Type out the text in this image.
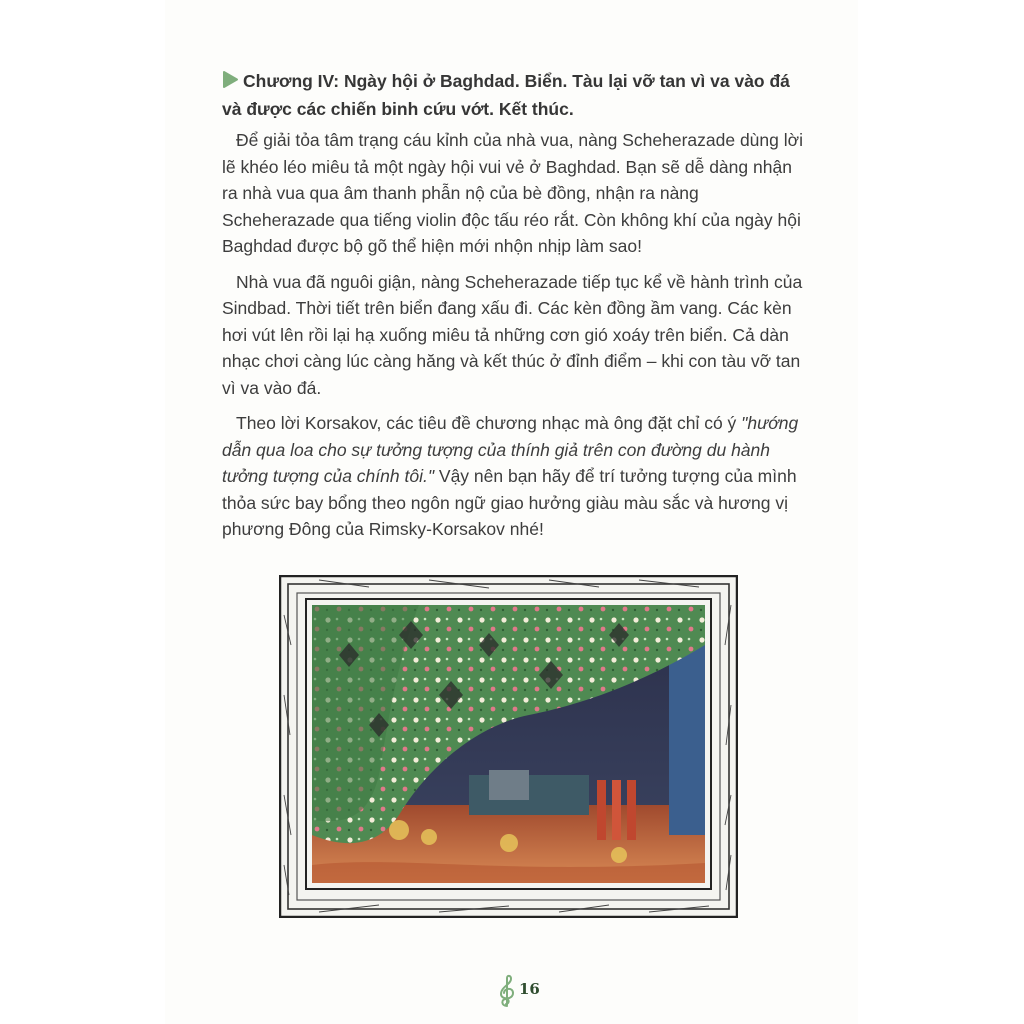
Chương IV: Ngày hội ở Baghdad. Biển. Tàu lại vỡ tan vì va vào đá
và được các chiến binh cứu vớt. Kết thúc.

Để giải tỏa tâm trạng cáu kỉnh của nhà vua, nàng Scheherazade dùng lời lẽ khéo léo miêu tả một ngày hội vui vẻ ở Baghdad. Bạn sẽ dễ dàng nhận ra nhà vua qua âm thanh phẫn nộ của bè đồng, nhận ra nàng Scheherazade qua tiếng violin độc tấu réo rắt. Còn không khí của ngày hội Baghdad được bộ gõ thể hiện mới nhộn nhịp làm sao!

Nhà vua đã nguôi giận, nàng Scheherazade tiếp tục kể về hành trình của Sindbad. Thời tiết trên biển đang xấu đi. Các kèn đồng ầm vang. Các kèn hơi vút lên rồi lại hạ xuống miêu tả những cơn gió xoáy trên biển. Cả dàn nhạc chơi càng lúc càng hăng và kết thúc ở đỉnh điểm – khi con tàu vỡ tan vì va vào đá.

Theo lời Korsakov, các tiêu đề chương nhạc mà ông đặt chỉ có ý "hướng dẫn qua loa cho sự tưởng tượng của thính giả trên con đường du hành tưởng tượng của chính tôi." Vậy nên bạn hãy để trí tưởng tượng của mình thỏa sức bay bổng theo ngôn ngữ giao hưởng giàu màu sắc và hương vị phương Đông của Rimsky-Korsakov nhé!

16
